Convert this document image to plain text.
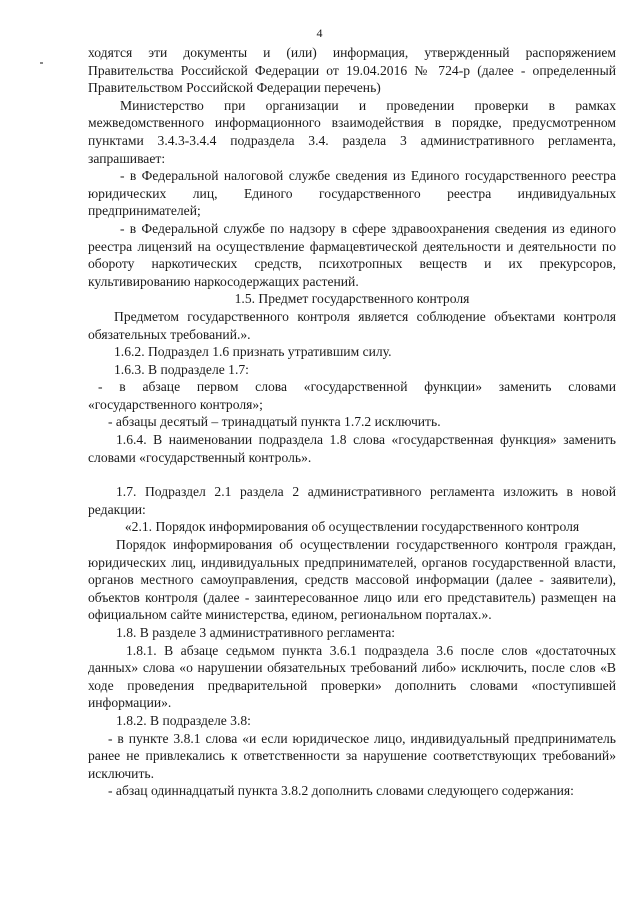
4

ходятся эти документы и (или) информация, утвержденный распоряжением Правительства Российской Федерации от 19.04.2016 № 724-р (далее - определенный Правительством Российской Федерации перечень)

Министерство при организации и проведении проверки в рамках межведомственного информационного взаимодействия в порядке, предусмотренном пунктами 3.4.3-3.4.4 подраздела 3.4. раздела 3 административного регламента, запрашивает:

- в Федеральной налоговой службе сведения из Единого государственного реестра юридических лиц, Единого государственного реестра индивидуальных предпринимателей;

- в Федеральной службе по надзору в сфере здравоохранения сведения из единого реестра лицензий на осуществление фармацевтической деятельности и деятельности по обороту наркотических средств, психотропных веществ и их прекурсоров, культивированию наркосодержащих растений.

1.5. Предмет государственного контроля

Предметом государственного контроля является соблюдение объектами контроля обязательных требований.».

1.6.2. Подраздел 1.6 признать утратившим силу.

1.6.3. В подразделе 1.7:

- в абзаце первом слова «государственной функции» заменить словами «государственного контроля»;

- абзацы десятый – тринадцатый пункта 1.7.2 исключить.

1.6.4. В наименовании подраздела 1.8 слова «государственная функция» заменить словами «государственный контроль».

1.7. Подраздел 2.1 раздела 2 административного регламента изложить в новой редакции:

«2.1. Порядок информирования об осуществлении государственного контроля

Порядок информирования об осуществлении государственного контроля граждан, юридических лиц, индивидуальных предпринимателей, органов государственной власти, органов местного самоуправления, средств массовой информации (далее - заявители), объектов контроля (далее - заинтересованное лицо или его представитель) размещен на официальном сайте министерства, едином, региональном порталах.».

1.8. В разделе 3 административного регламента:

1.8.1. В абзаце седьмом пункта 3.6.1 подраздела 3.6 после слов «достаточных данных» слова «о нарушении обязательных требований либо» исключить, после слов «В ходе проведения предварительной проверки» дополнить словами «поступившей информации».

1.8.2. В подразделе 3.8:

- в пункте 3.8.1 слова «и если юридическое лицо, индивидуальный предприниматель ранее не привлекались к ответственности за нарушение соответствующих требований» исключить.

- абзац одиннадцатый пункта 3.8.2 дополнить словами следующего содержания:
